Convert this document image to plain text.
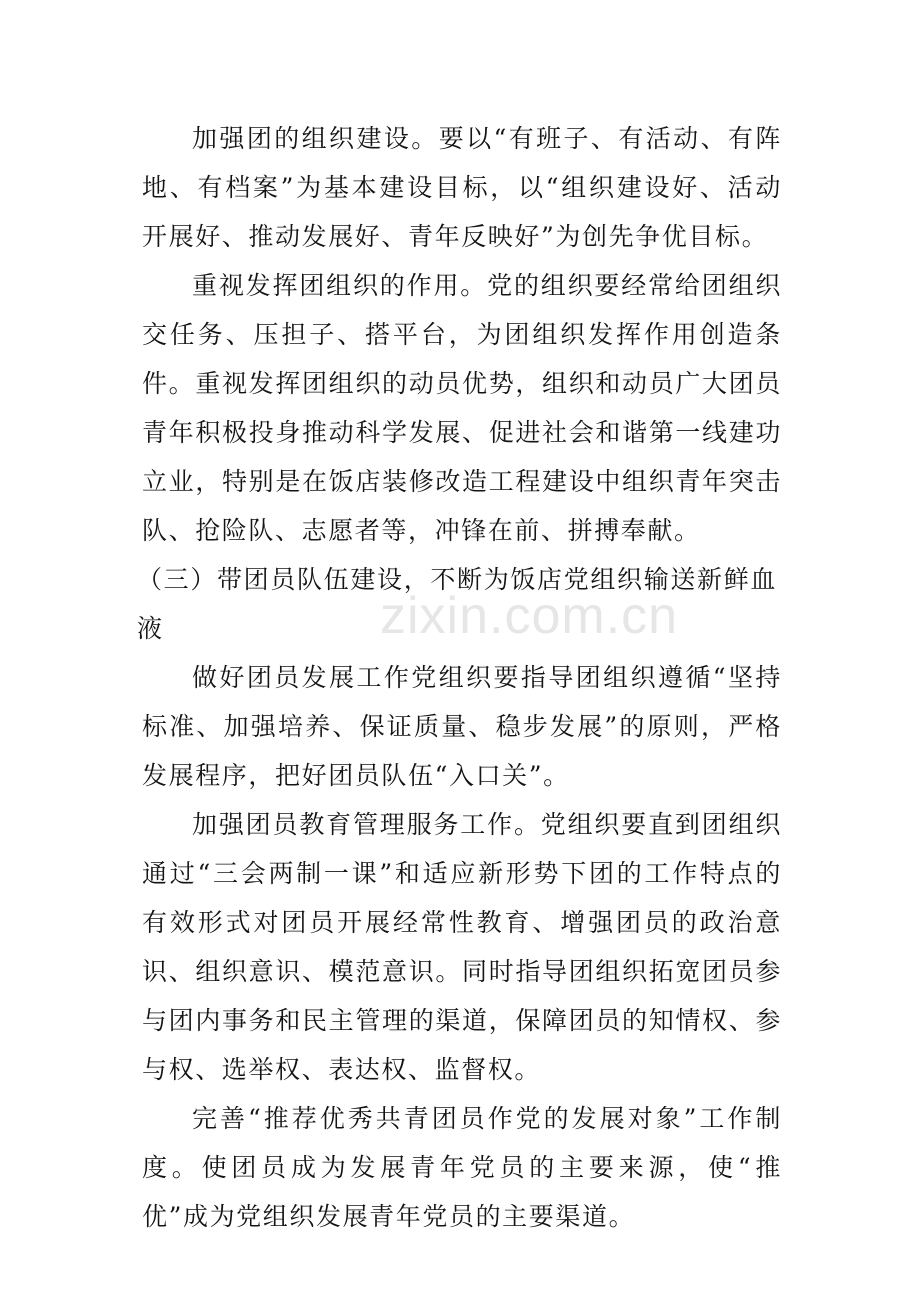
zixin.com.cn

加强团的组织建设。要以“有班子、有活动、有阵地、有档案”为基本建设目标，以“组织建设好、活动开展好、推动发展好、青年反映好”为创先争优目标。

重视发挥团组织的作用。党的组织要经常给团组织交任务、压担子、搭平台，为团组织发挥作用创造条件。重视发挥团组织的动员优势，组织和动员广大团员青年积极投身推动科学发展、促进社会和谐第一线建功立业，特别是在饭店装修改造工程建设中组织青年突击队、抢险队、志愿者等，冲锋在前、拼搏奉献。

（三）带团员队伍建设，不断为饭店党组织输送新鲜血液

做好团员发展工作党组织要指导团组织遵循“坚持标准、加强培养、保证质量、稳步发展”的原则，严格发展程序，把好团员队伍“入口关”。

加强团员教育管理服务工作。党组织要直到团组织通过“三会两制一课”和适应新形势下团的工作特点的有效形式对团员开展经常性教育、增强团员的政治意识、组织意识、模范意识。同时指导团组织拓宽团员参与团内事务和民主管理的渠道，保障团员的知情权、参与权、选举权、表达权、监督权。

完善“推荐优秀共青团员作党的发展对象”工作制度。使团员成为发展青年党员的主要来源，使“推优”成为党组织发展青年党员的主要渠道。
